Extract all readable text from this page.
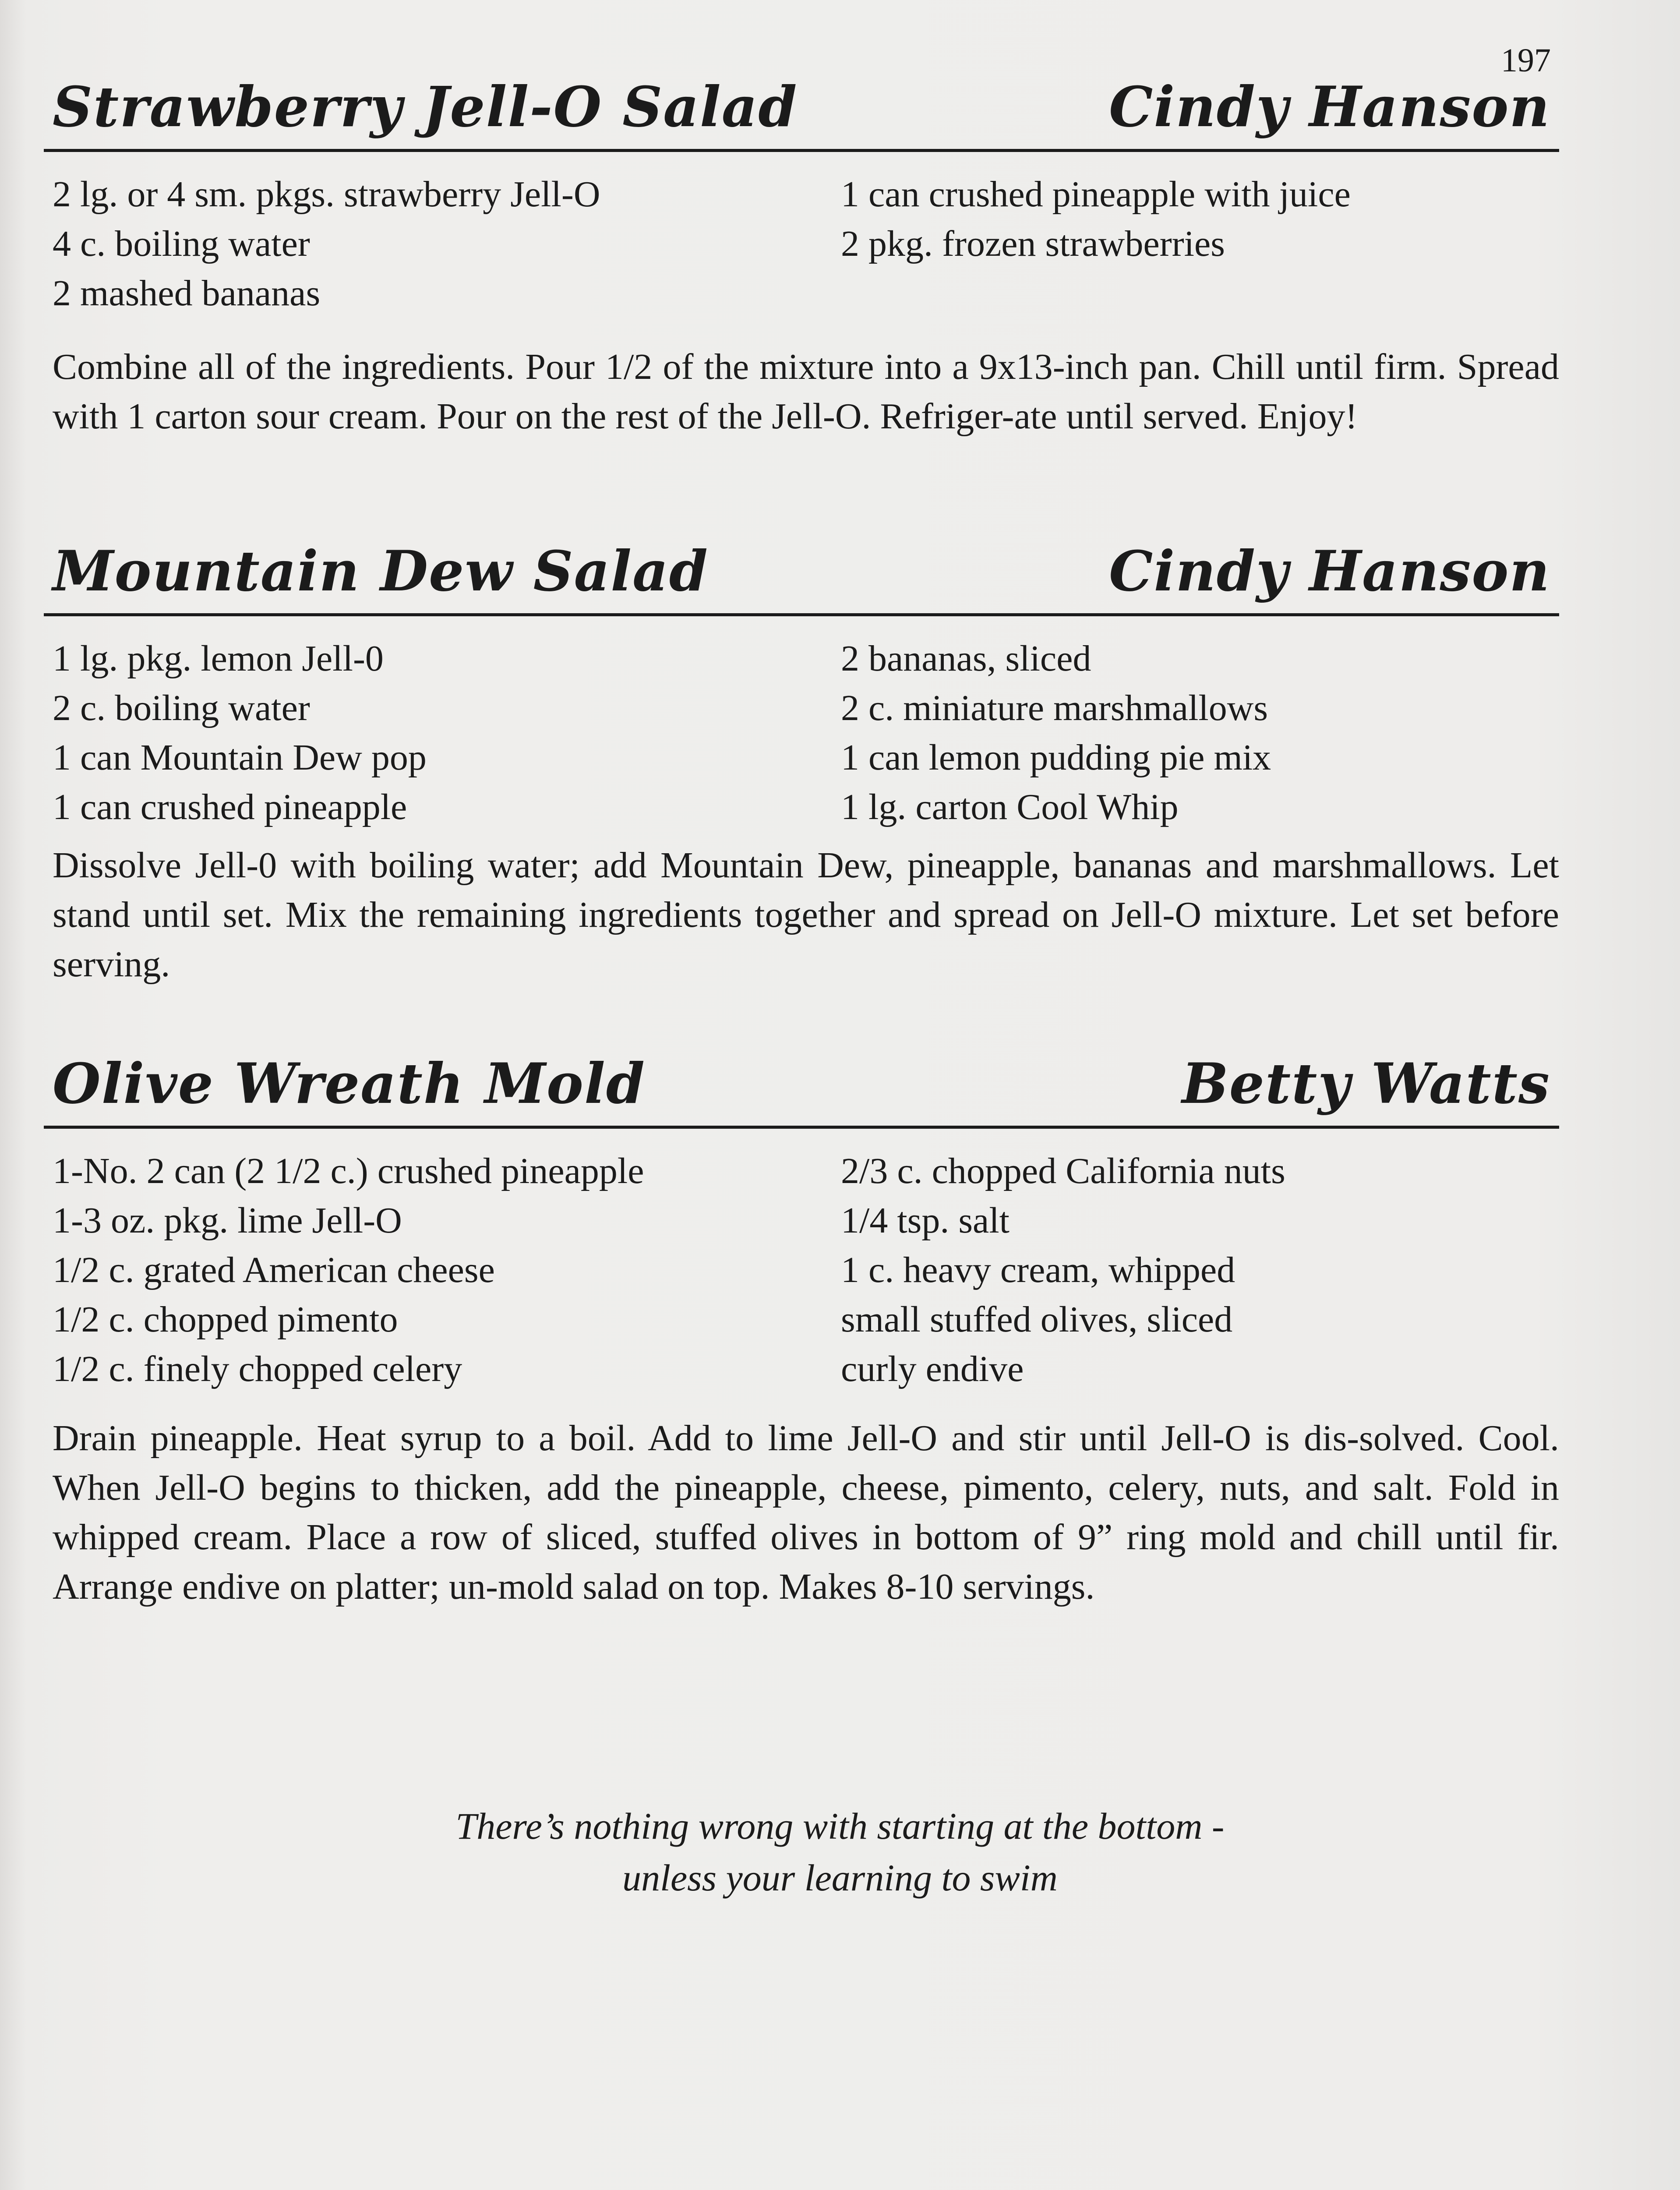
197
Strawberry Jell-O Salad	Cindy Hanson
2 lg. or 4 sm. pkgs. strawberry Jell-O
4 c. boiling water
2 mashed bananas
1 can crushed pineapple with juice
2 pkg. frozen strawberries
Combine all of the ingredients. Pour 1/2 of the mixture into a 9x13-inch pan. Chill until firm. Spread with 1 carton sour cream. Pour on the rest of the Jell-O. Refriger-ate until served. Enjoy!
Mountain Dew Salad	Cindy Hanson
1 lg. pkg. lemon Jell-0
2 c. boiling water
1 can Mountain Dew pop
1 can crushed pineapple
2 bananas, sliced
2 c. miniature marshmallows
1 can lemon pudding pie mix
1 lg. carton Cool Whip
Dissolve Jell-0 with boiling water; add Mountain Dew, pineapple, bananas and marshmallows. Let stand until set. Mix the remaining ingredients together and spread on Jell-O mixture. Let set before serving.
Olive Wreath Mold	Betty Watts
1-No. 2 can (2 1/2 c.) crushed pineapple
1-3 oz. pkg. lime Jell-O
1/2 c. grated American cheese
1/2 c. chopped pimento
1/2 c. finely chopped celery
2/3 c. chopped California nuts
1/4 tsp. salt
1 c. heavy cream, whipped
small stuffed olives, sliced
curly endive
Drain pineapple. Heat syrup to a boil. Add to lime Jell-O and stir until Jell-O is dis-solved. Cool. When Jell-O begins to thicken, add the pineapple, cheese, pimento, celery, nuts, and salt. Fold in whipped cream. Place a row of sliced, stuffed olives in bottom of 9” ring mold and chill until fir. Arrange endive on platter; un-mold salad on top. Makes 8-10 servings.
There’s nothing wrong with starting at the bottom -
unless your learning to swim
